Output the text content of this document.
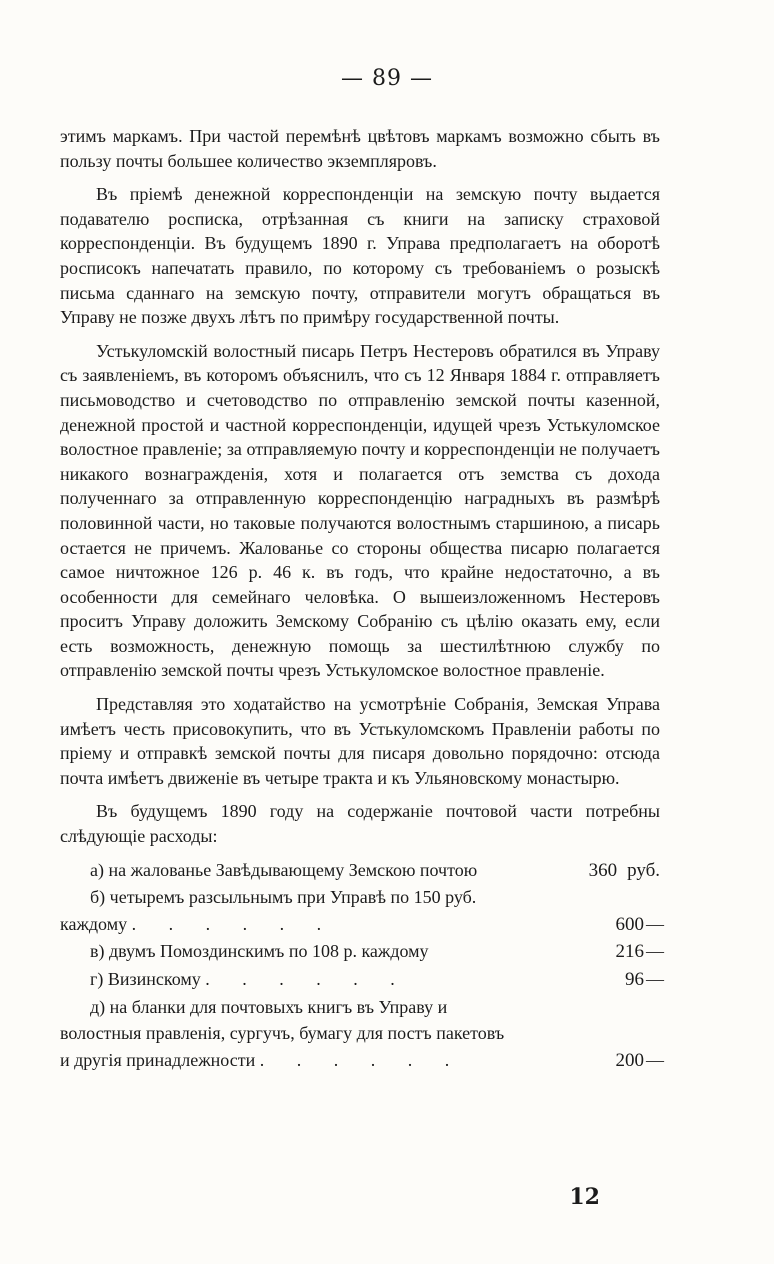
— 89 —

этимъ маркамъ. При частой перемѣнѣ цвѣтовъ маркамъ возможно сбыть въ пользу почты большее количество экземпляровъ.

Въ пріемѣ денежной корреспонденціи на земскую почту выдается подавателю росписка, отрѣзанная съ книги на записку страховой корреспонденціи. Въ будущемъ 1890 г. Управа предполагаетъ на оборотѣ росписокъ напечатать правило, по которому съ требованіемъ о розыскѣ письма сданнаго на земскую почту, отправители могутъ обращаться въ Управу не позже двухъ лѣтъ по примѣру государственной почты.

Устькуломскій волостный писарь Петръ Нестеровъ обратился въ Управу съ заявленіемъ, въ которомъ объяснилъ, что съ 12 Января 1884 г. отправляетъ письмоводство и счетоводство по отправленію земской почты казенной, денежной простой и частной корреспонденціи, идущей чрезъ Устькуломское волостное правленіе; за отправляемую почту и корреспонденціи не получаетъ никакого вознагражденія, хотя и полагается отъ земства съ дохода полученнаго за отправленную корреспонденцію наградныхъ въ размѣрѣ половинной части, но таковые получаются волостнымъ старшиною, а писарь остается не причемъ. Жалованье со стороны общества писарю полагается самое ничтожное 126 р. 46 к. въ годъ, что крайне недостаточно, а въ особенности для семейнаго человѣка. О вышеизложенномъ Нестеровъ проситъ Управу доложить Земскому Собранію съ цѣлію оказать ему, если есть возможность, денежную помощь за шестилѣтнюю службу по отправленію земской почты чрезъ Устькуломское волостное правленіе.

Представляя это ходатайство на усмотрѣніе Собранія, Земская Управа имѣетъ честь присовокупить, что въ Устькуломскомъ Правленіи работы по пріему и отправкѣ земской почты для писаря довольно порядочно: отсюда почта имѣетъ движеніе въ четыре тракта и къ Ульяновскому монастырю.

Въ будущемъ 1890 году на содержаніе почтовой части потребны слѣдующіе расходы:

а) на жалованье Завѣдывающему Земскою почтою	360 руб.
б) четыремъ разсыльнымъ при Управѣ по 150 руб.
каждому . . . . . .	600 —
в) двумъ Помоздинскимъ по 108 р. каждому	216 —
г) Визинскому . . . . . .	96 —
д) на бланки для почтовыхъ книгъ въ Управу и
волостныя правленія, сургучъ, бумагу для постъ пакетовъ
и другія принадлежности . . . . . .	200 —
12
